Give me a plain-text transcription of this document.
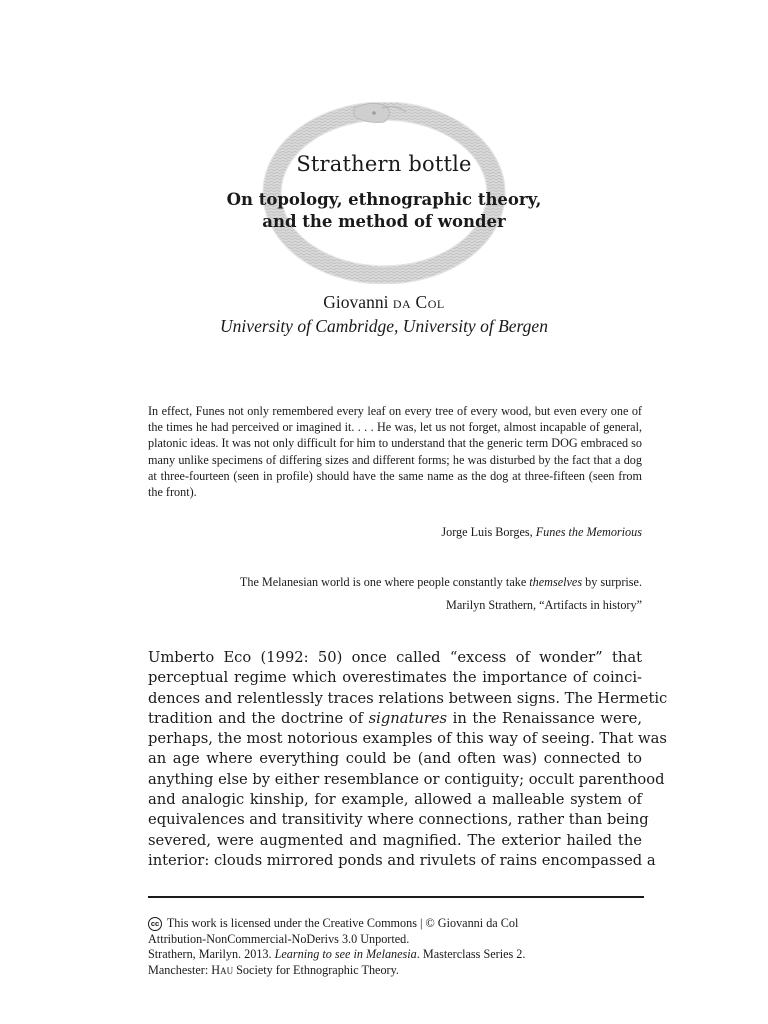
Strathern bottle
On topology, ethnographic theory,
and the method of wonder
Giovanni da Col
University of Cambridge, University of Bergen

In effect, Funes not only remembered every leaf on every tree of every wood, but even every one of the times he had perceived or imagined it. . . . He was, let us not forget, almost incapable of general, platonic ideas. It was not only difficult for him to understand that the generic term DOG embraced so many unlike specimens of differing sizes and different forms; he was disturbed by the fact that a dog at three-fourteen (seen in profile) should have the same name as the dog at three-fifteen (seen from the front).

Jorge Luis Borges, Funes the Memorious
The Melanesian world is one where people constantly take themselves by surprise.
Marilyn Strathern, “Artifacts in history”
Umberto Eco (1992: 50) once called “excess of wonder” that
perceptual regime which overestimates the importance of coinci-
dences and relentlessly traces relations between signs. The Hermetic
tradition and the doctrine of signatures in the Renaissance were,
perhaps, the most notorious examples of this way of seeing. That was
an age where everything could be (and often was) connected to
anything else by either resemblance or contiguity; occult parenthood
and analogic kinship, for example, allowed a malleable system of
equivalences and transitivity where connections, rather than being
severed, were augmented and magnified. The exterior hailed the
interior: clouds mirrored ponds and rivulets of rains encompassed a
cc This work is licensed under the Creative Commons | © Giovanni da Col
Attribution-NonCommercial-NoDerivs 3.0 Unported.
Strathern, Marilyn. 2013. Learning to see in Melanesia. Masterclass Series 2.
Manchester: Hau Society for Ethnographic Theory.
